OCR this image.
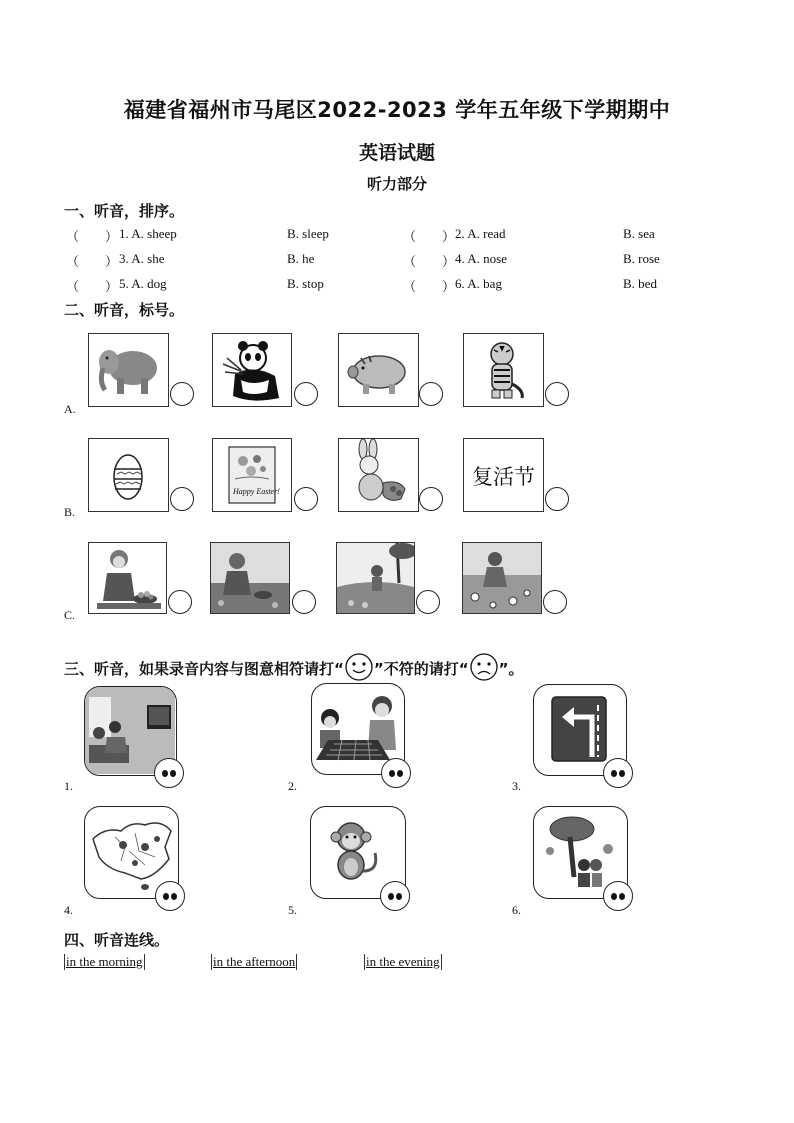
福建省福州市马尾区2022-2023 学年五年级下学期期中
英语试题
听力部分
一、听音，排序。
（　　） 1. A. sheep	B. sleep	（　　） 2. A. read	B. sea
（　　） 3. A. she	B. he	（　　） 4. A. nose	B. rose
（　　） 5. A. dog	B. stop	（　　） 6. A. bag	B. bed
二、听音，标号。
A.
B.
Happy Easter!
复活节
C.
三、听音，如果录音内容与图意相符请打“ ”不符的请打“ ”。
1.	2.	3.
4.	5.	6.
四、听音连线。
in the morning	in the afternoon	in the evening
